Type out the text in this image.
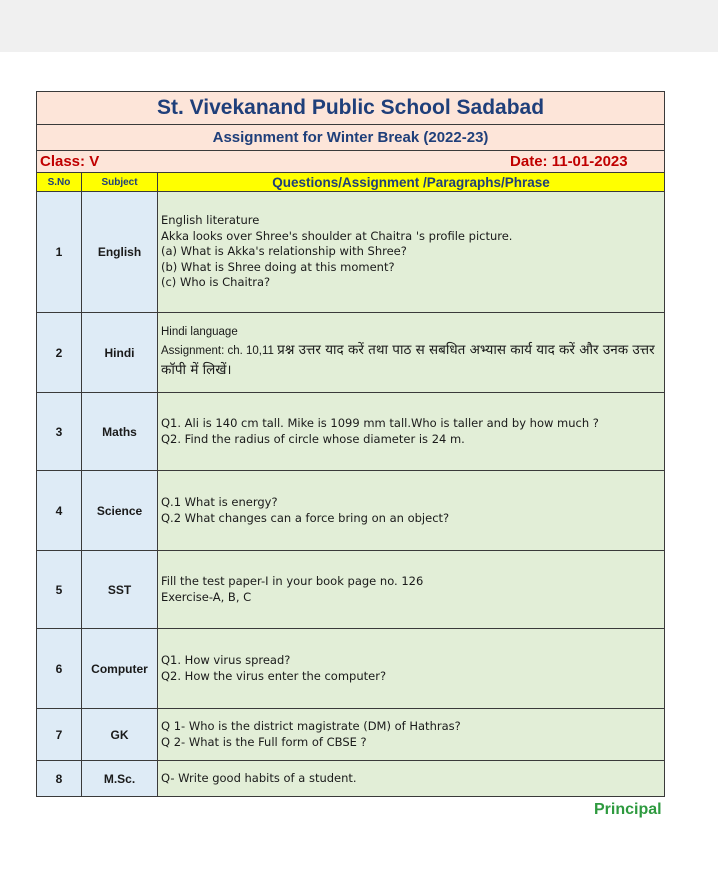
St. Vivekanand Public School Sadabad		
Assignment for Winter Break (2022-23)		

Class: V Date: 11-01-2023		

S.No	Subject	Questions/Assignment /Paragraphs/Phrase
1	English	English literature
Akka looks over Shree's shoulder at Chaitra 's profile picture.
(a) What is Akka's relationship with Shree?
(b) What is Shree doing at this moment?
(c) Who is Chaitra?

2	Hindi	Hindi language
Assignment: ch. 10,11 प्रश्न उत्तर याद करें तथा पाठ स सबधित अभ्यास कार्य याद करें और उनक उत्तर कॉपी में लिखें।
3	Maths	Q1. Ali is 140 cm tall. Mike is 1099 mm tall.Who is taller and by how much ?
Q2. Find the radius of circle whose diameter is 24 m.

4	Science	Q.1 What is energy?
Q.2 What changes can a force bring on an object?

5	SST	Fill the test paper-I in your book page no. 126
Exercise-A, B, C

6	Computer	Q1. How virus spread?
Q2. How the virus enter the computer?

7	GK	Q 1- Who is the district magistrate (DM) of Hathras?
Q 2- What is the Full form of CBSE ?

8	M.Sc.	Q- Write good habits of a student.
Principal
